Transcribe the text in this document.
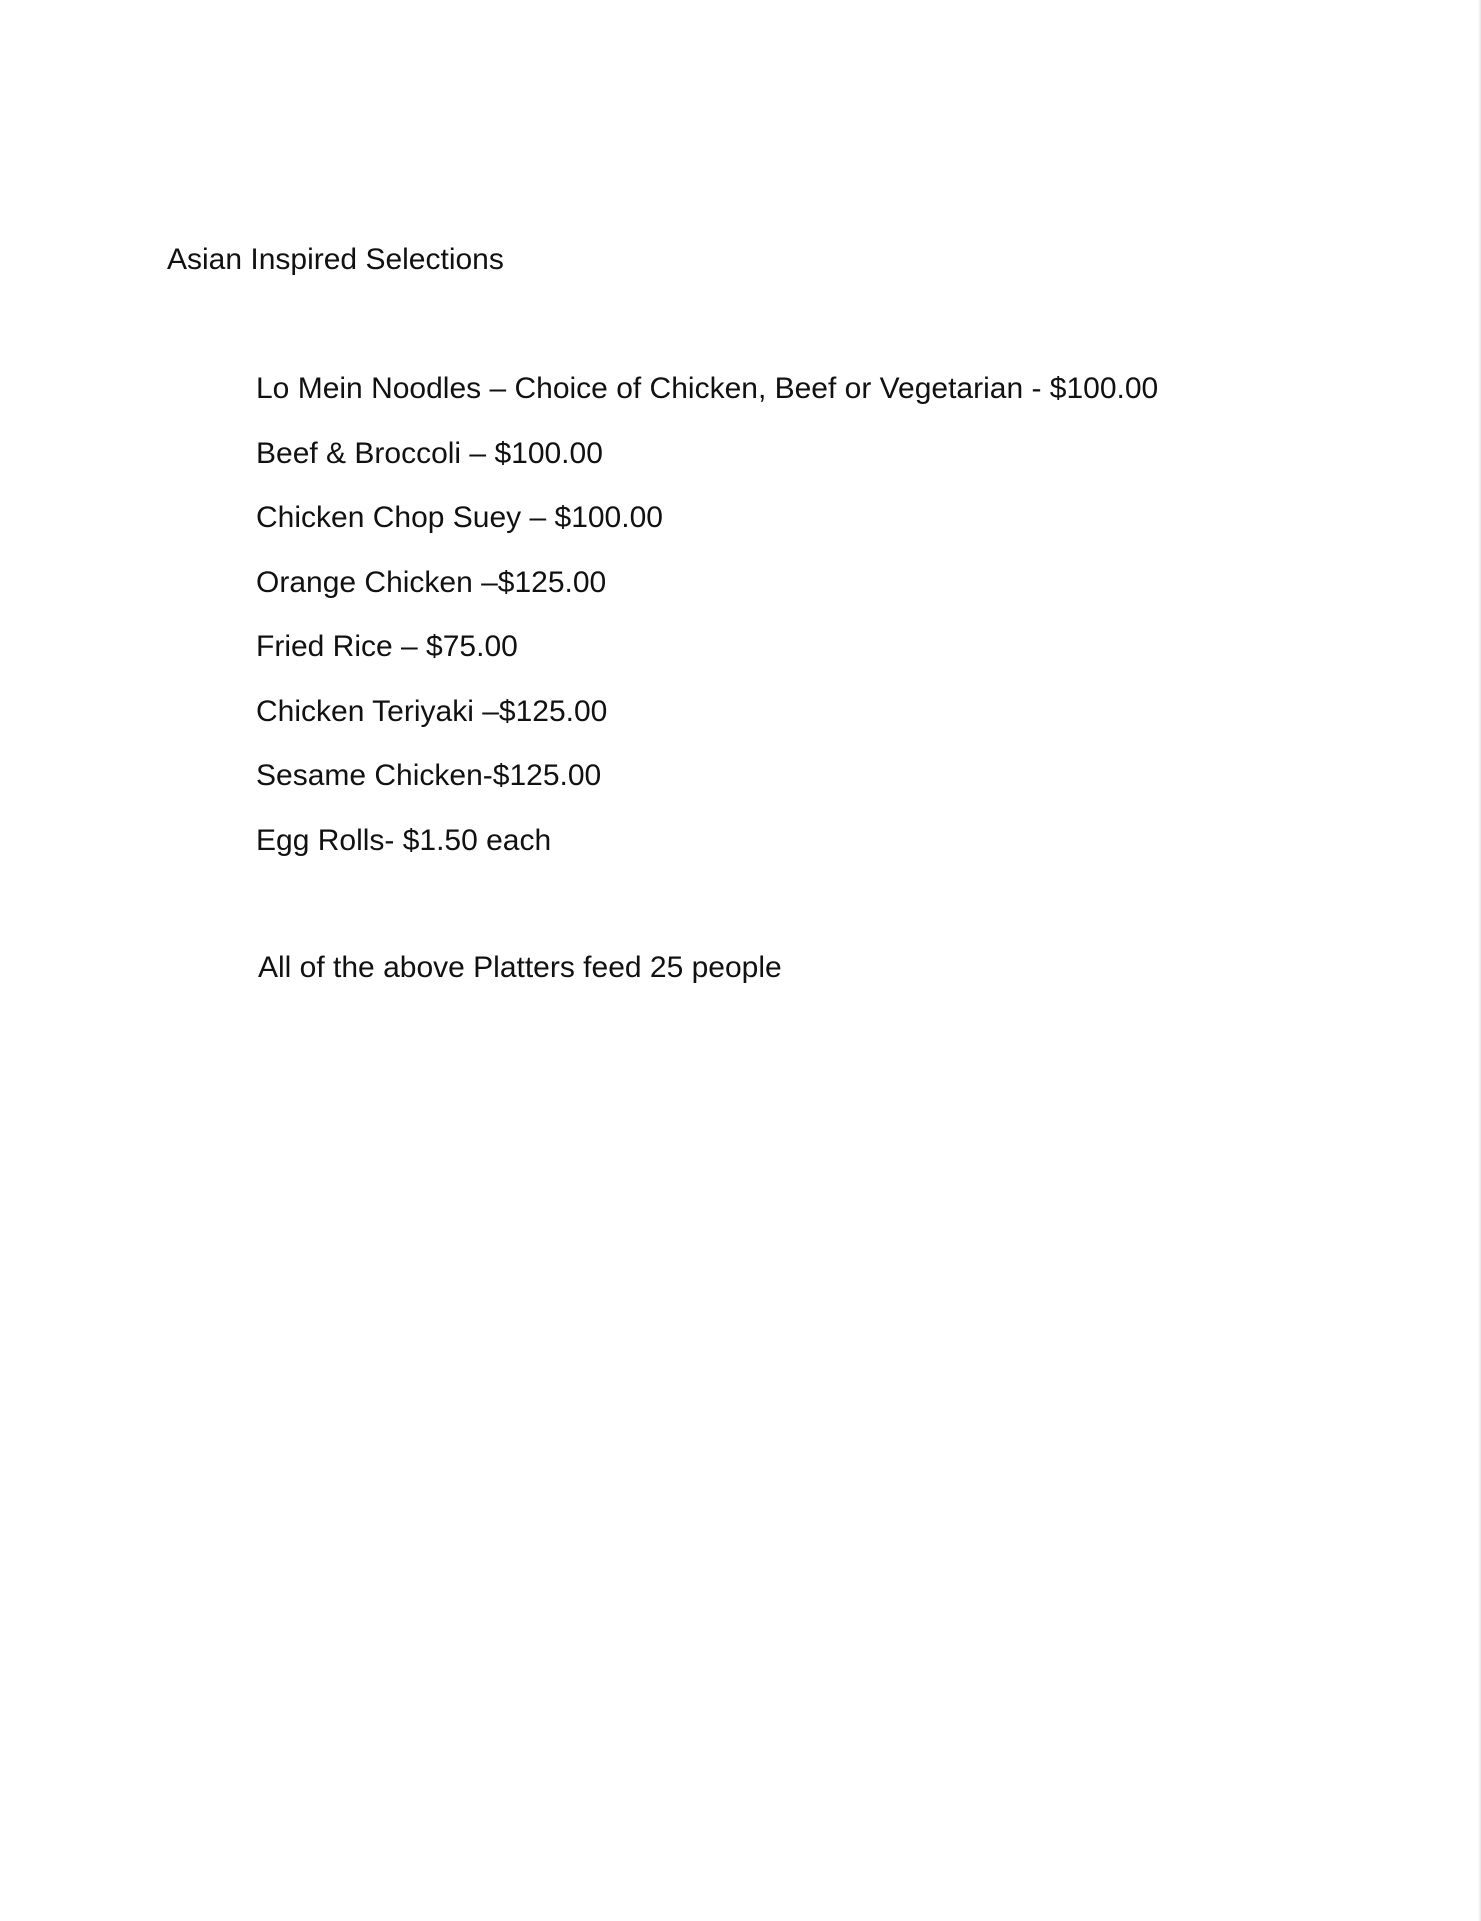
Asian Inspired Selections
Lo Mein Noodles – Choice of Chicken, Beef or Vegetarian - $100.00
Beef & Broccoli – $100.00
Chicken Chop Suey – $100.00
Orange Chicken –$125.00
Fried Rice – $75.00
Chicken Teriyaki –$125.00
Sesame Chicken-$125.00
Egg Rolls- $1.50 each
All of the above Platters feed 25 people
